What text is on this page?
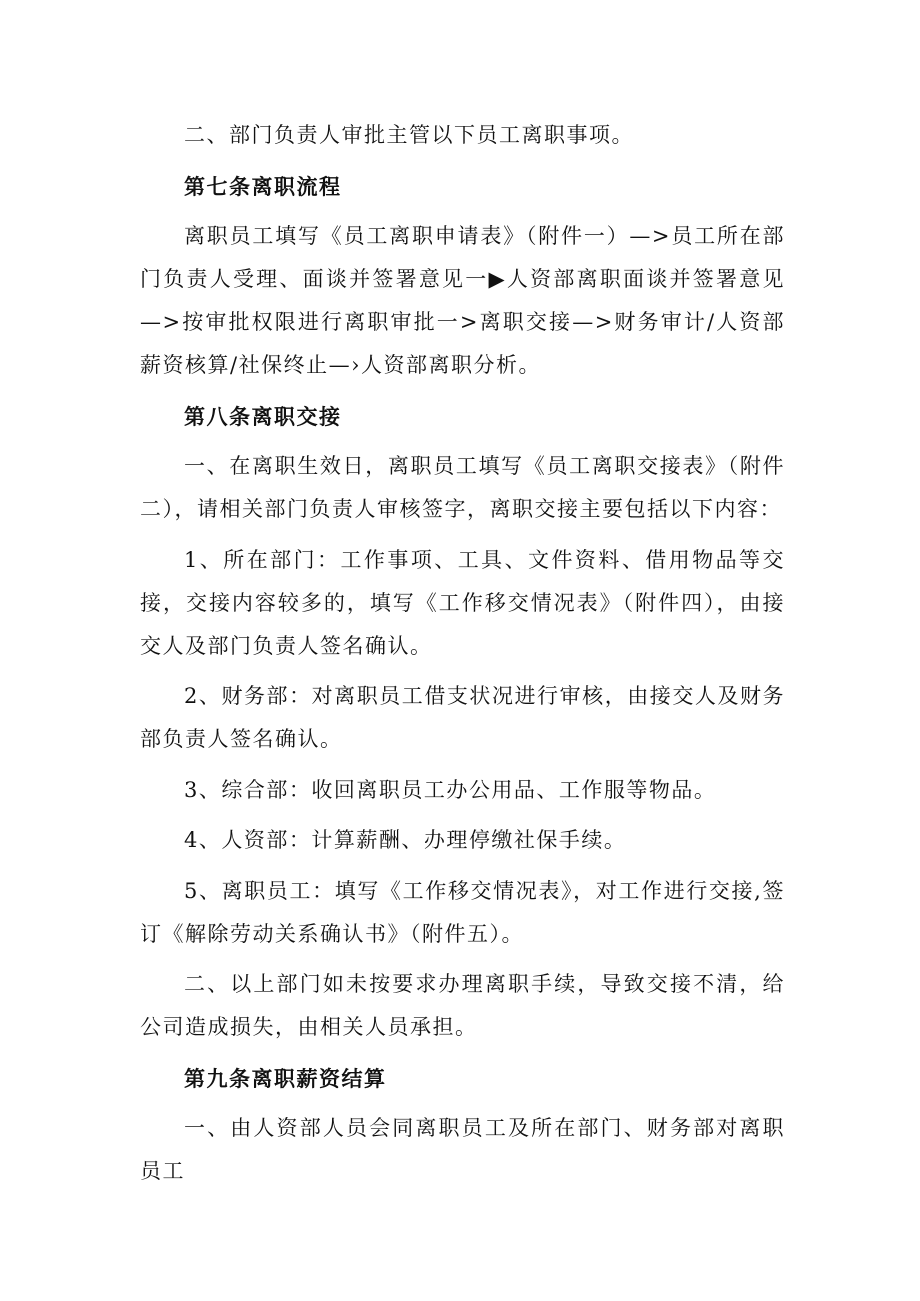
二、部门负责人审批主管以下员工离职事项。

第七条离职流程

离职员工填写《员工离职申请表》（附件一）—>员工所在部门负责人受理、面谈并签署意见一▶人资部离职面谈并签署意见—>按审批权限进行离职审批一>离职交接—>财务审计/人资部薪资核算/社保终止—›人资部离职分析。

第八条离职交接

一、在离职生效日，离职员工填写《员工离职交接表》（附件二），请相关部门负责人审核签字，离职交接主要包括以下内容：

1、所在部门：工作事项、工具、文件资料、借用物品等交接，交接内容较多的，填写《工作移交情况表》（附件四），由接交人及部门负责人签名确认。

2、财务部：对离职员工借支状况进行审核，由接交人及财务部负责人签名确认。

3、综合部：收回离职员工办公用品、工作服等物品。

4、人资部：计算薪酬、办理停缴社保手续。

5、离职员工：填写《工作移交情况表》，对工作进行交接,签订《解除劳动关系确认书》（附件五）。

二、以上部门如未按要求办理离职手续，导致交接不清，给公司造成损失，由相关人员承担。

第九条离职薪资结算

一、由人资部人员会同离职员工及所在部门、财务部对离职员工
